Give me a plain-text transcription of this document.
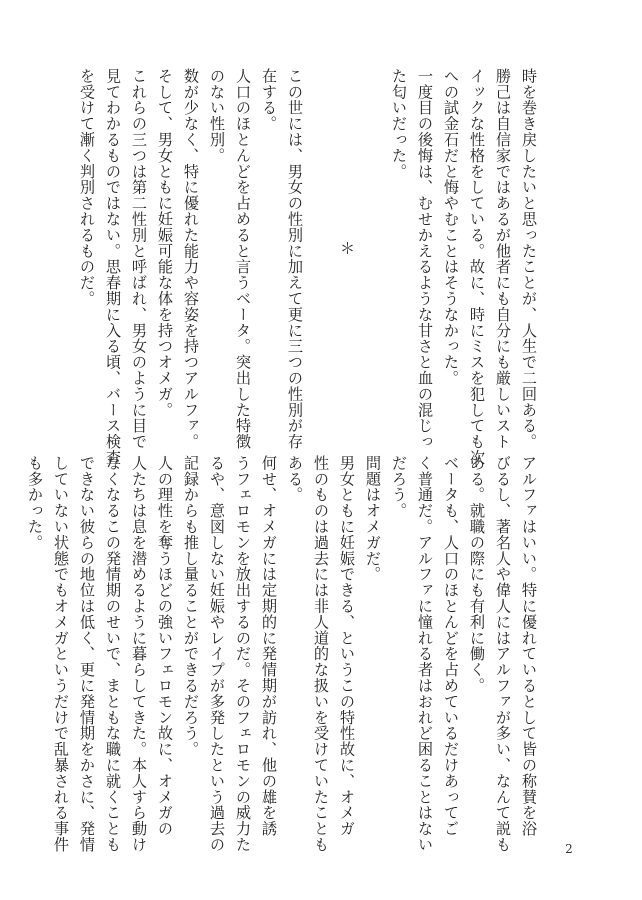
時を巻き戻したいと思ったことが、人生で二回ある。
勝己は自信家ではあるが他者にも自分にも厳しいスト
イックな性格をしている。故に、時にミスを犯しても次
への試金石だと悔やむことはそうなかった。
一度目の後悔は、むせかえるような甘さと血の混じっ
た匂いだった。
＊
この世には、男女の性別に加えて更に三つの性別が存
在する。
人口のほとんどを占めると言うベータ。突出した特徴
のない性別。
数が少なく、特に優れた能力や容姿を持つアルファ。
そして、男女ともに妊娠可能な体を持つオメガ。
これらの三つは第二性別と呼ばれ、男女のように目で
見てわかるものではない。思春期に入る頃、バース検査
を受けて漸く判別されるものだ。
アルファはいい。特に優れているとして皆の称賛を浴
びるし、著名人や偉人にはアルファが多い、なんて説も
ある。就職の際にも有利に働く。
ベータも、人口のほとんどを占めているだけあってご
く普通だ。アルファに憧れる者はおれど困ることはない
だろう。
問題はオメガだ。
男女ともに妊娠できる、というこの特性故に、オメガ
性のものは過去には非人道的な扱いを受けていたことも
ある。
何せ、オメガには定期的に発情期が訪れ、他の雄を誘
うフェロモンを放出するのだ。そのフェロモンの威力た
るや、意図しない妊娠やレイプが多発したという過去の
記録からも推し量ることができるだろう。
人の理性を奪うほどの強いフェロモン故に、オメガの
人たちは息を潜めるように暮らしてきた。本人すら動け
なくなるこの発情期のせいで、まともな職に就くことも
できない彼らの地位は低く、更に発情期をかさに、発情
していない状態でもオメガというだけで乱暴される事件
も多かった。
2
